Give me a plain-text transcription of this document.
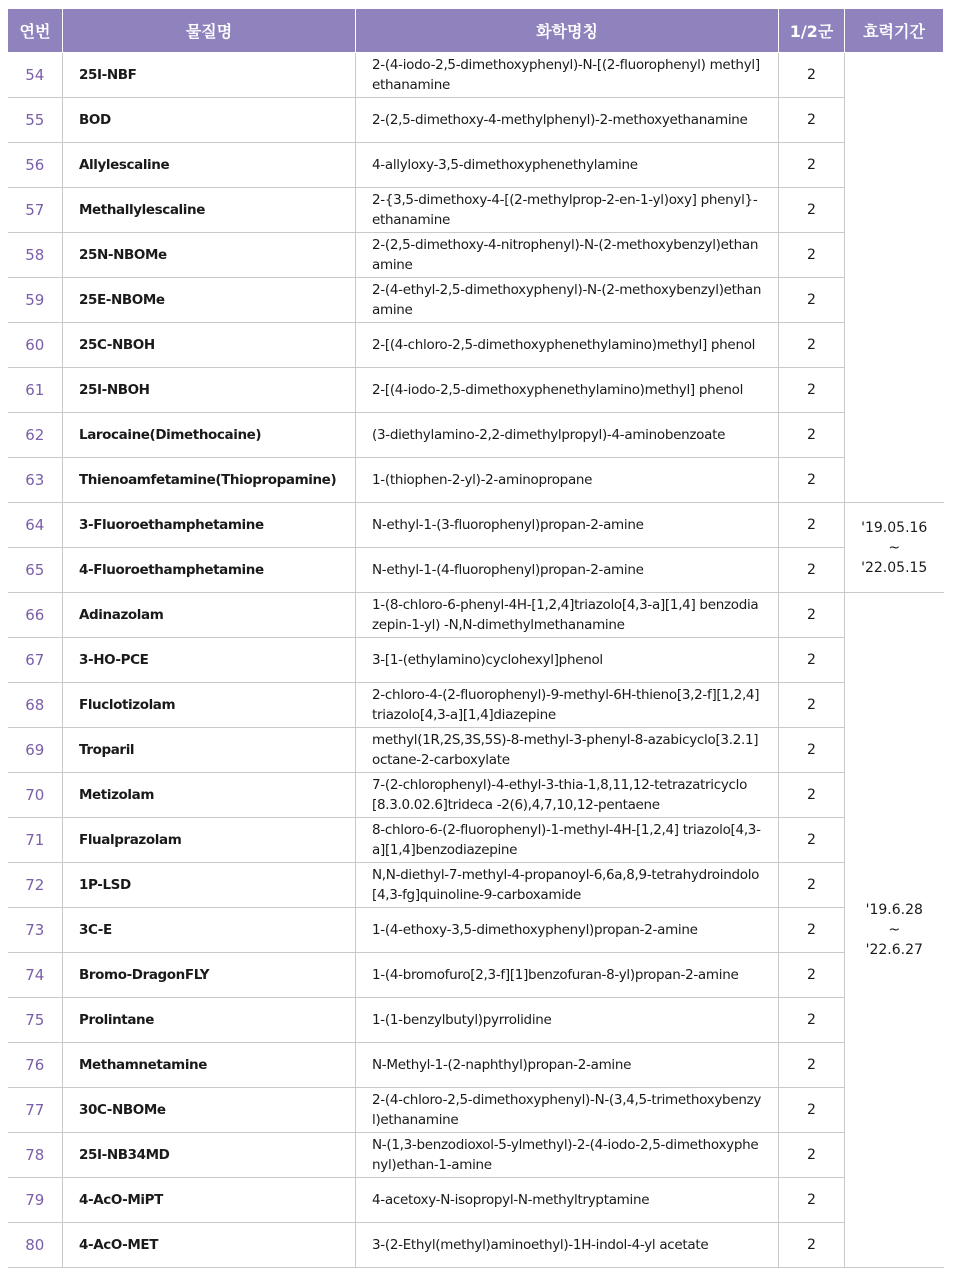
연번	물질명	화학명칭	1/2군	효력기간
54	25I-NBF	2-(4-iodo-2,5-dimethoxyphenyl)-N-[(2-fluorophenyl) methyl]ethanamine	2	

55	BOD	2-(2,5-dimethoxy-4-methylphenyl)-2-methoxyethanamine	2	
56	Allylescaline	4-allyloxy-3,5-dimethoxyphenethylamine	2	
57	Methallylescaline	2-{3,5-dimethoxy-4-[(2-methylprop-2-en-1-yl)oxy] phenyl}-ethanamine	2	
58	25N-NBOMe	2-(2,5-dimethoxy-4-nitrophenyl)-N-(2-methoxybenzyl)ethanamine	2	
59	25E-NBOMe	2-(4-ethyl-2,5-dimethoxyphenyl)-N-(2-methoxybenzyl)ethanamine	2	
60	25C-NBOH	2-[(4-chloro-2,5-dimethoxyphenethylamino)methyl] phenol	2	
61	25I-NBOH	2-[(4-iodo-2,5-dimethoxyphenethylamino)methyl] phenol	2	
62	Larocaine(Dimethocaine)	(3-diethylamino-2,2-dimethylpropyl)-4-aminobenzoate	2	
63	Thienoamfetamine(Thiopropamine)	1-(thiophen-2-yl)-2-aminopropane	2	
64	3-Fluoroethamphetamine	N-ethyl-1-(3-fluorophenyl)propan-2-amine	2	'19.05.16
~
'22.05.15

65	4-Fluoroethamphetamine	N-ethyl-1-(4-fluorophenyl)propan-2-amine	2	
66	Adinazolam	1-(8-chloro-6-phenyl-4H-[1,2,4]triazolo[4,3-a][1,4] benzodiazepin-1-yl) -N,N-dimethylmethanamine	2	'19.6.28
~
'22.6.27

67	3-HO-PCE	3-[1-(ethylamino)cyclohexyl]phenol	2	
68	Fluclotizolam	2-chloro-4-(2-fluorophenyl)-9-methyl-6H-thieno[3,2-f][1,2,4]triazolo[4,3-a][1,4]diazepine	2	
69	Troparil	methyl(1R,2S,3S,5S)-8-methyl-3-phenyl-8-azabicyclo[3.2.1]octane-2-carboxylate	2	
70	Metizolam	7-(2-chlorophenyl)-4-ethyl-3-thia-1,8,11,12-tetrazatricyclo[8.3.0.02.6]trideca -2(6),4,7,10,12-pentaene	2	
71	Flualprazolam	8-chloro-6-(2-fluorophenyl)-1-methyl-4H-[1,2,4] triazolo[4,3-a][1,4]benzodiazepine	2	
72	1P-LSD	N,N-diethyl-7-methyl-4-propanoyl-6,6a,8,9-tetrahydroindolo[4,3-fg]quinoline-9-carboxamide	2	
73	3C-E	1-(4-ethoxy-3,5-dimethoxyphenyl)propan-2-amine	2	
74	Bromo-DragonFLY	1-(4-bromofuro[2,3-f][1]benzofuran-8-yl)propan-2-amine	2	
75	Prolintane	1-(1-benzylbutyl)pyrrolidine	2	
76	Methamnetamine	N-Methyl-1-(2-naphthyl)propan-2-amine	2	
77	30C-NBOMe	2-(4-chloro-2,5-dimethoxyphenyl)-N-(3,4,5-trimethoxybenzyl)ethanamine	2	
78	25I-NB34MD	N-(1,3-benzodioxol-5-ylmethyl)-2-(4-iodo-2,5-dimethoxyphenyl)ethan-1-amine	2	
79	4-AcO-MiPT	4-acetoxy-N-isopropyl-N-methyltryptamine	2	
80	4-AcO-MET	3-(2-Ethyl(methyl)aminoethyl)-1H-indol-4-yl acetate	2	
